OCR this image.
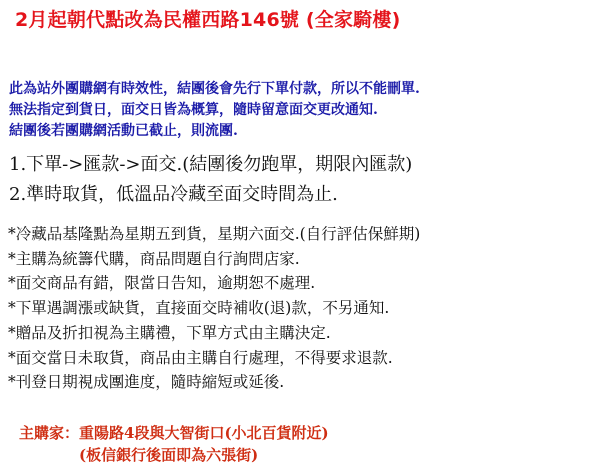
2月起朝代點改為民權西路146號 (全家騎樓)
此為站外團購網有時效性，結團後會先行下單付款，所以不能刪單.
無法指定到貨日，面交日皆為概算，隨時留意面交更改通知.
結團後若團購網活動已截止，則流團.
1.下單->匯款->面交.(結團後勿跑單，期限內匯款)
2.準時取貨，低溫品冷藏至面交時間為止.
*冷藏品基隆點為星期五到貨，星期六面交.(自行評估保鮮期)
*主購為統籌代購，商品問題自行詢問店家.
*面交商品有錯，限當日告知，逾期恕不處理.
*下單遇調漲或缺貨，直接面交時補收(退)款，不另通知.
*贈品及折扣視為主購禮，下單方式由主購決定.
*面交當日未取貨，商品由主購自行處理，不得要求退款.
*刊登日期視成團進度，隨時縮短或延後.
主購家：重陽路4段與大智街口(小北百貨附近)
(板信銀行後面即為六張街)
